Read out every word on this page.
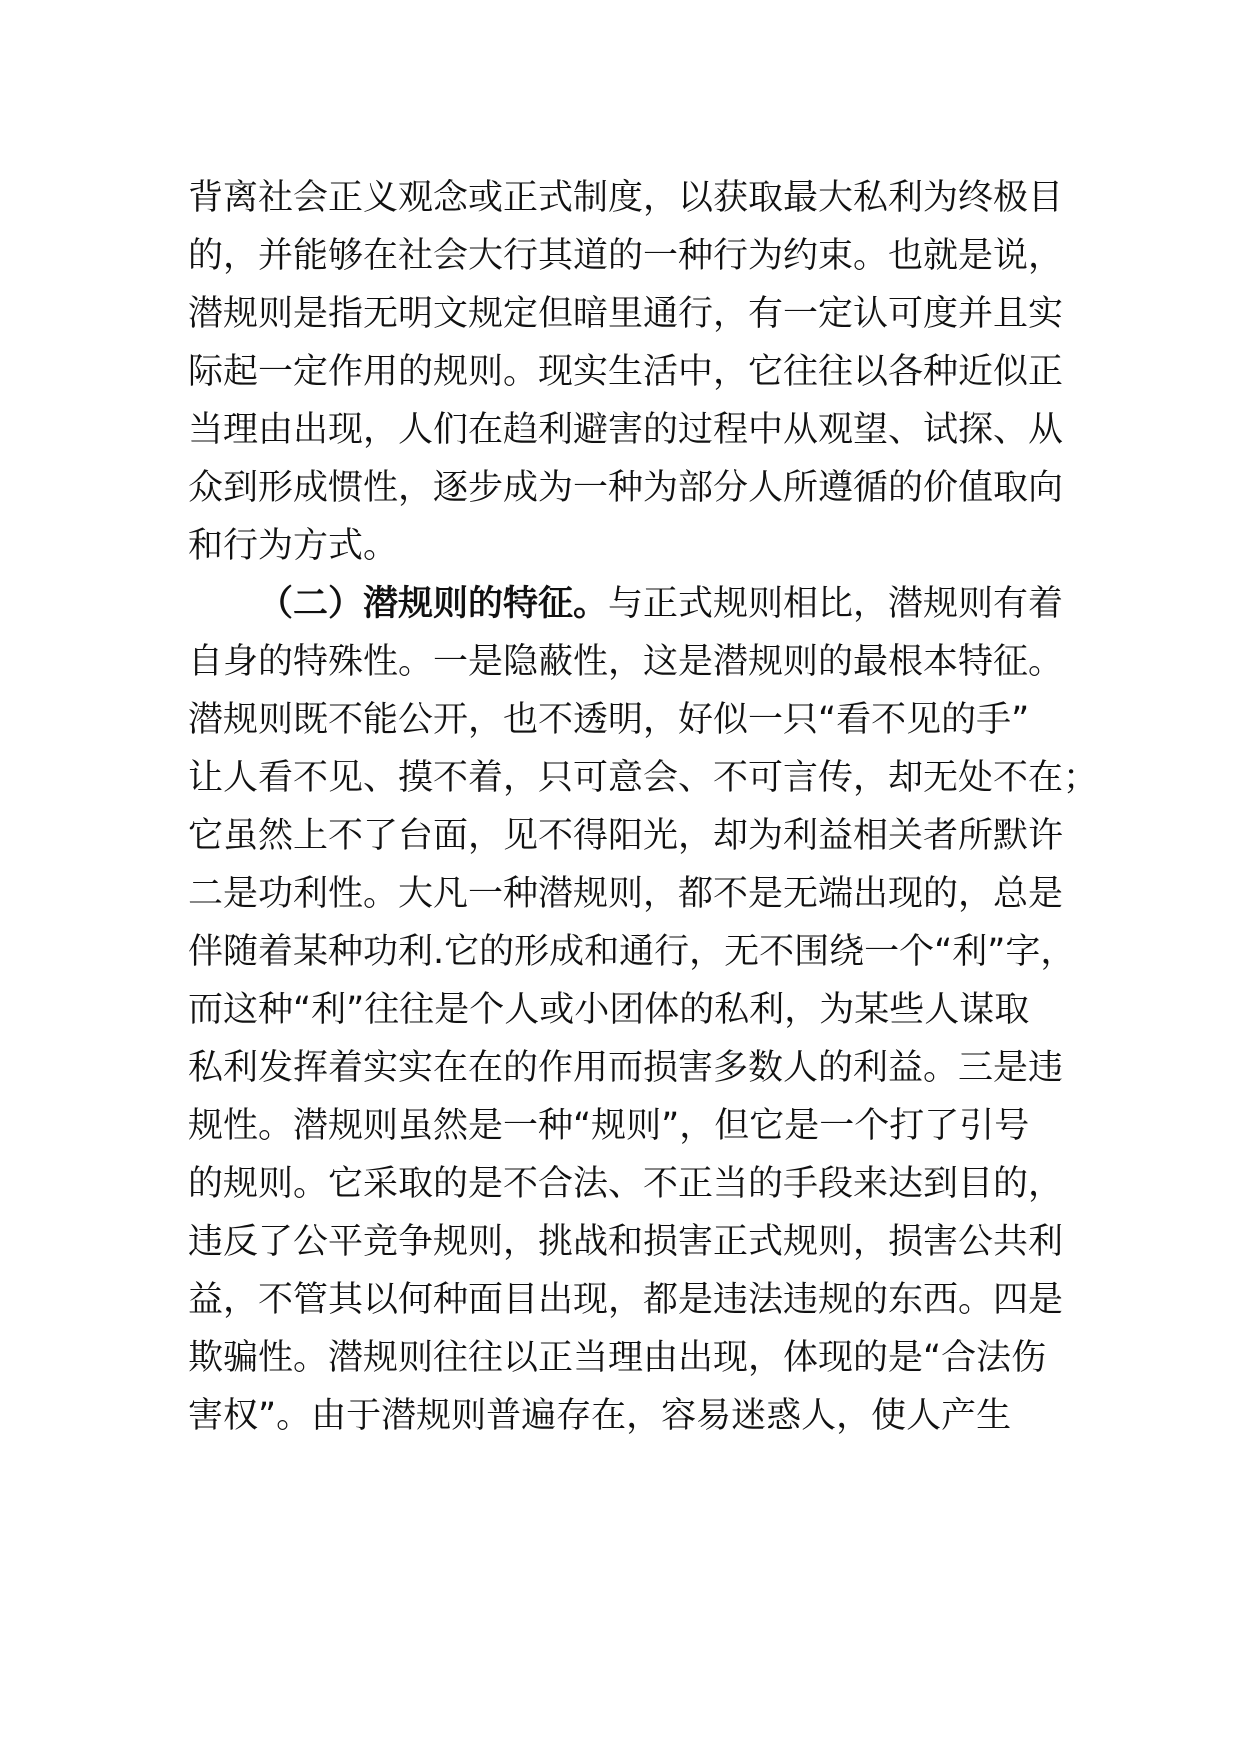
背离社会正义观念或正式制度，以获取最大私利为终极目
的，并能够在社会大行其道的一种行为约束。也就是说，
潜规则是指无明文规定但暗里通行，有一定认可度并且实
际起一定作用的规则。现实生活中，它往往以各种近似正
当理由出现，人们在趋利避害的过程中从观望、试探、从
众到形成惯性，逐步成为一种为部分人所遵循的价值取向
和行为方式。
（二）潜规则的特征。与正式规则相比，潜规则有着
自身的特殊性。一是隐蔽性，这是潜规则的最根本特征。
潜规则既不能公开，也不透明，好似一只“看不见的手”
让人看不见、摸不着，只可意会、不可言传，却无处不在；
它虽然上不了台面，见不得阳光，却为利益相关者所默许
二是功利性。大凡一种潜规则，都不是无端出现的，总是
伴随着某种功利.它的形成和通行，无不围绕一个“利”字，
而这种“利”往往是个人或小团体的私利，为某些人谋取
私利发挥着实实在在的作用而损害多数人的利益。三是违
规性。潜规则虽然是一种“规则”，但它是一个打了引号
的规则。它采取的是不合法、不正当的手段来达到目的，
违反了公平竞争规则，挑战和损害正式规则，损害公共利
益，不管其以何种面目出现，都是违法违规的东西。四是
欺骗性。潜规则往往以正当理由出现，体现的是“合法伤
害权”。由于潜规则普遍存在，容易迷惑人，使人产生
